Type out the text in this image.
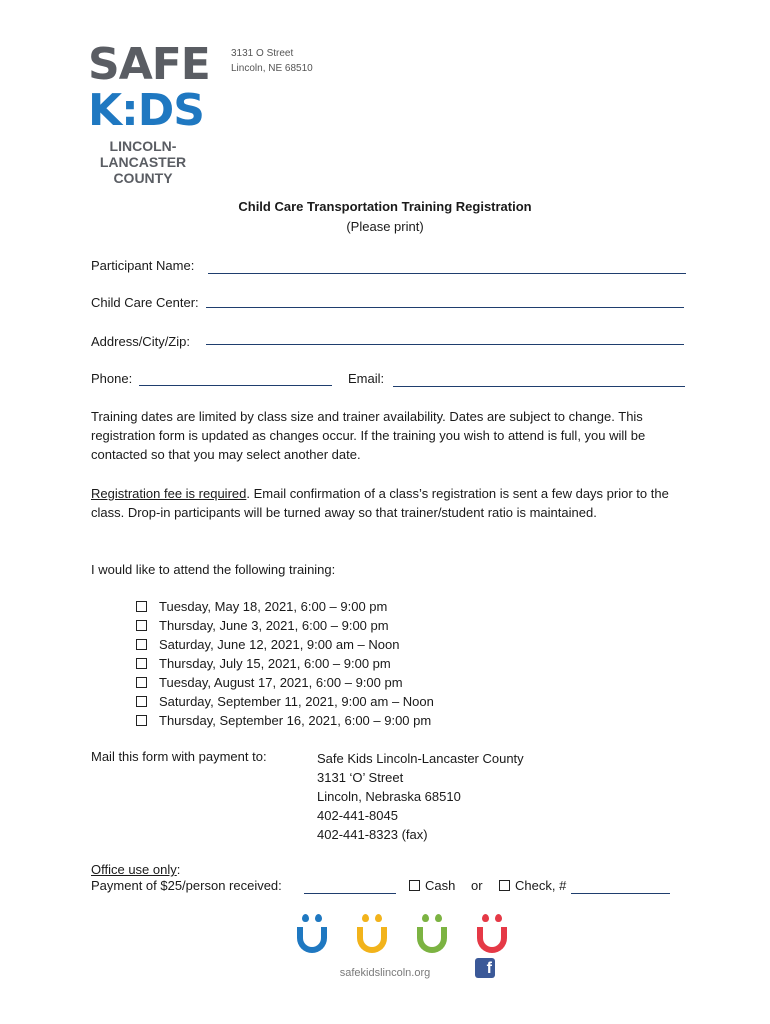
SAFE
K:DS
LINCOLN-
LANCASTER
COUNTY
3131 O Street
Lincoln, NE 68510
Child Care Transportation Training Registration
(Please print)
Participant Name:
Child Care Center:
Address/City/Zip:
Phone:	Email:
Training dates are limited by class size and trainer availability. Dates are subject to change. This registration form is updated as changes occur. If the training you wish to attend is full, you will be contacted so that you may select another date.
Registration fee is required. Email confirmation of a class’s registration is sent a few days prior to the class. Drop-in participants will be turned away so that trainer/student ratio is maintained.
I would like to attend the following training:
Tuesday, May 18, 2021, 6:00 – 9:00 pm
Thursday, June 3, 2021, 6:00 – 9:00 pm
Saturday, June 12, 2021, 9:00 am – Noon
Thursday, July 15, 2021, 6:00 – 9:00 pm
Tuesday, August 17, 2021, 6:00 – 9:00 pm
Saturday, September 11, 2021, 9:00 am – Noon
Thursday, September 16, 2021, 6:00 – 9:00 pm
Mail this form with payment to:	Safe Kids Lincoln-Lancaster County
3131 ‘O’ Street
Lincoln, Nebraska 68510
402-441-8045
402-441-8323 (fax)
Office use only:
Payment of $25/person received:	Cash or Check, #
safekidslincoln.org	f
